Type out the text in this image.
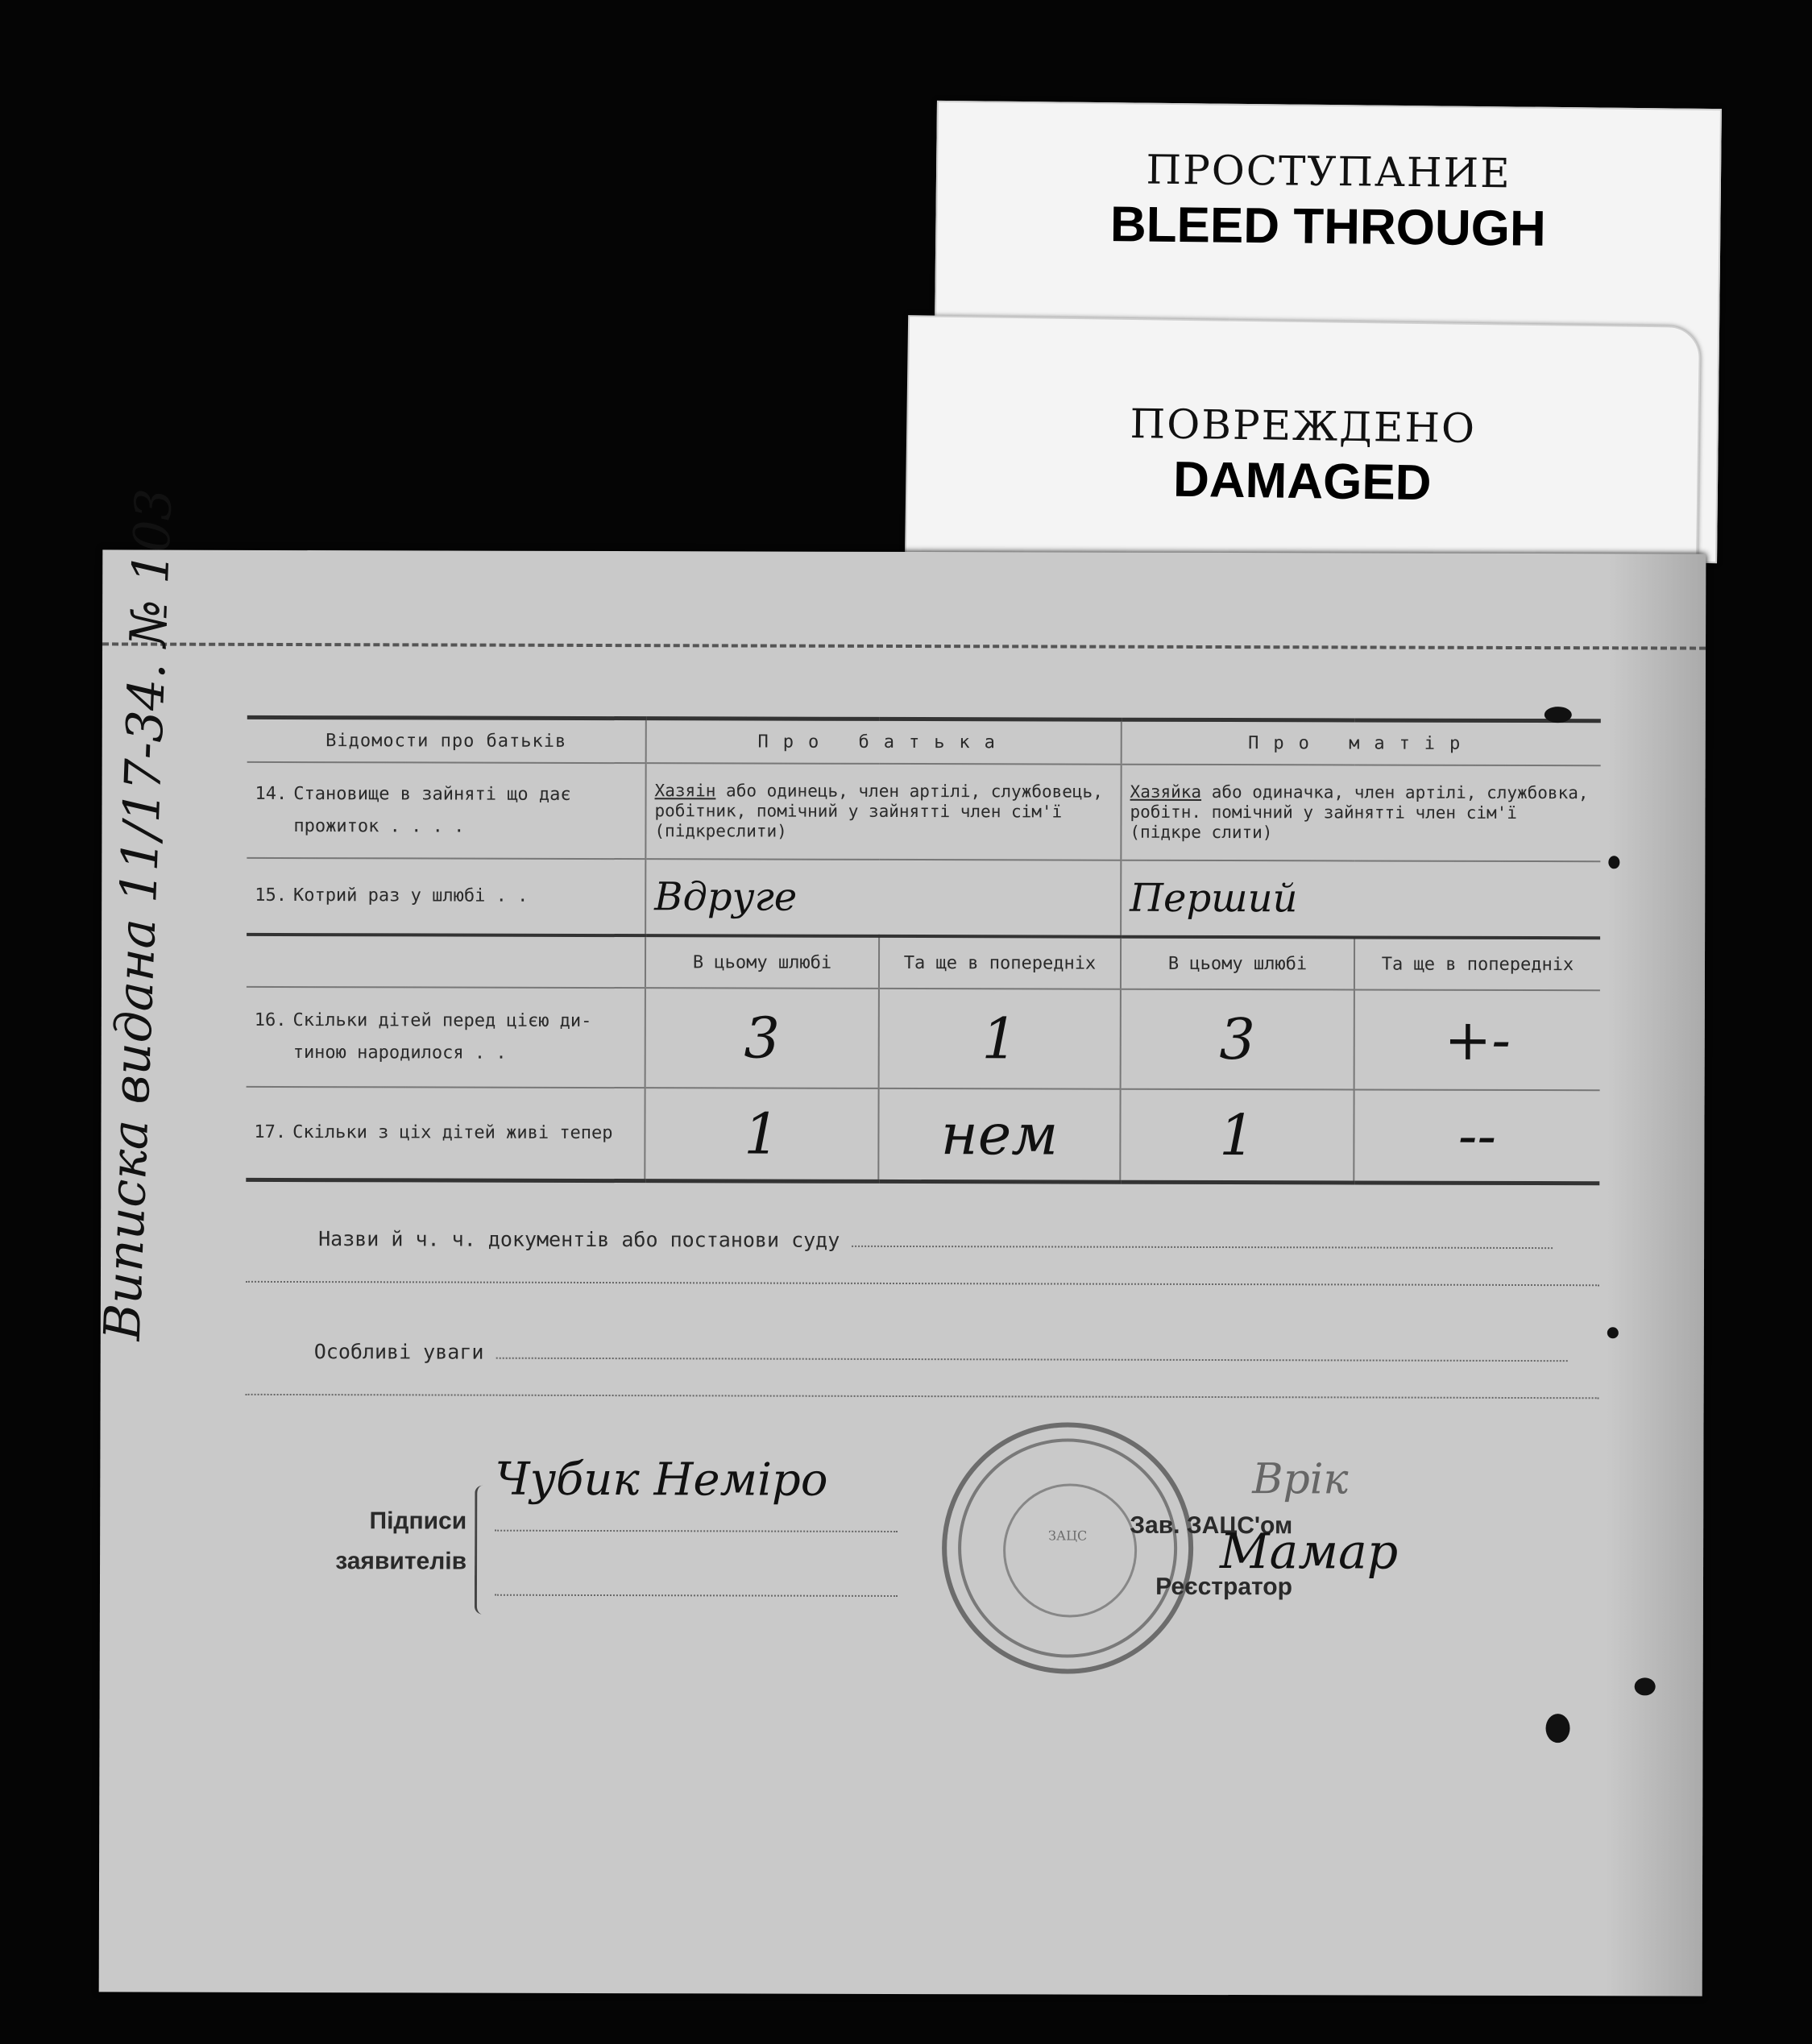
ПРОСТУПАНИЕ
BLEED THROUGH
ПОВРЕЖДЕНО
DAMAGED
Виписка видана 11/17-34. № 103	Відомости про батьків	Про батька		Про матір	
14. Становище в зайняті що дає
прожиток . . . .	Хазяін або одинець, член артілі, службовець, робітник, помічний у зайнятті член сім'ї (підкреслити)		Хазяйка або одиначка, член артілі, службовка, робітн. помічний у зайнятті член сім'ї (підкре слити)	
15. Котрий раз у шлюбі . .	Вдруге		Перший	
	В цьому шлюбі	Та ще в попередніх	В цьому шлюбі	Та ще в попередніх
16. Скільки дітей перед цією ди-
тиною народилося . .	3	1	3	+-
17. Скільки з ціх дітей живі тепер	1	нем	1	--
Назви й ч. ч. документів або постанови суду
Особливі уваги
Підписи
заявителів
Чубик Неміро
ЗАЦС	Зав. ЗАЦС'ом
Реєстратор
Врік
Мамар
